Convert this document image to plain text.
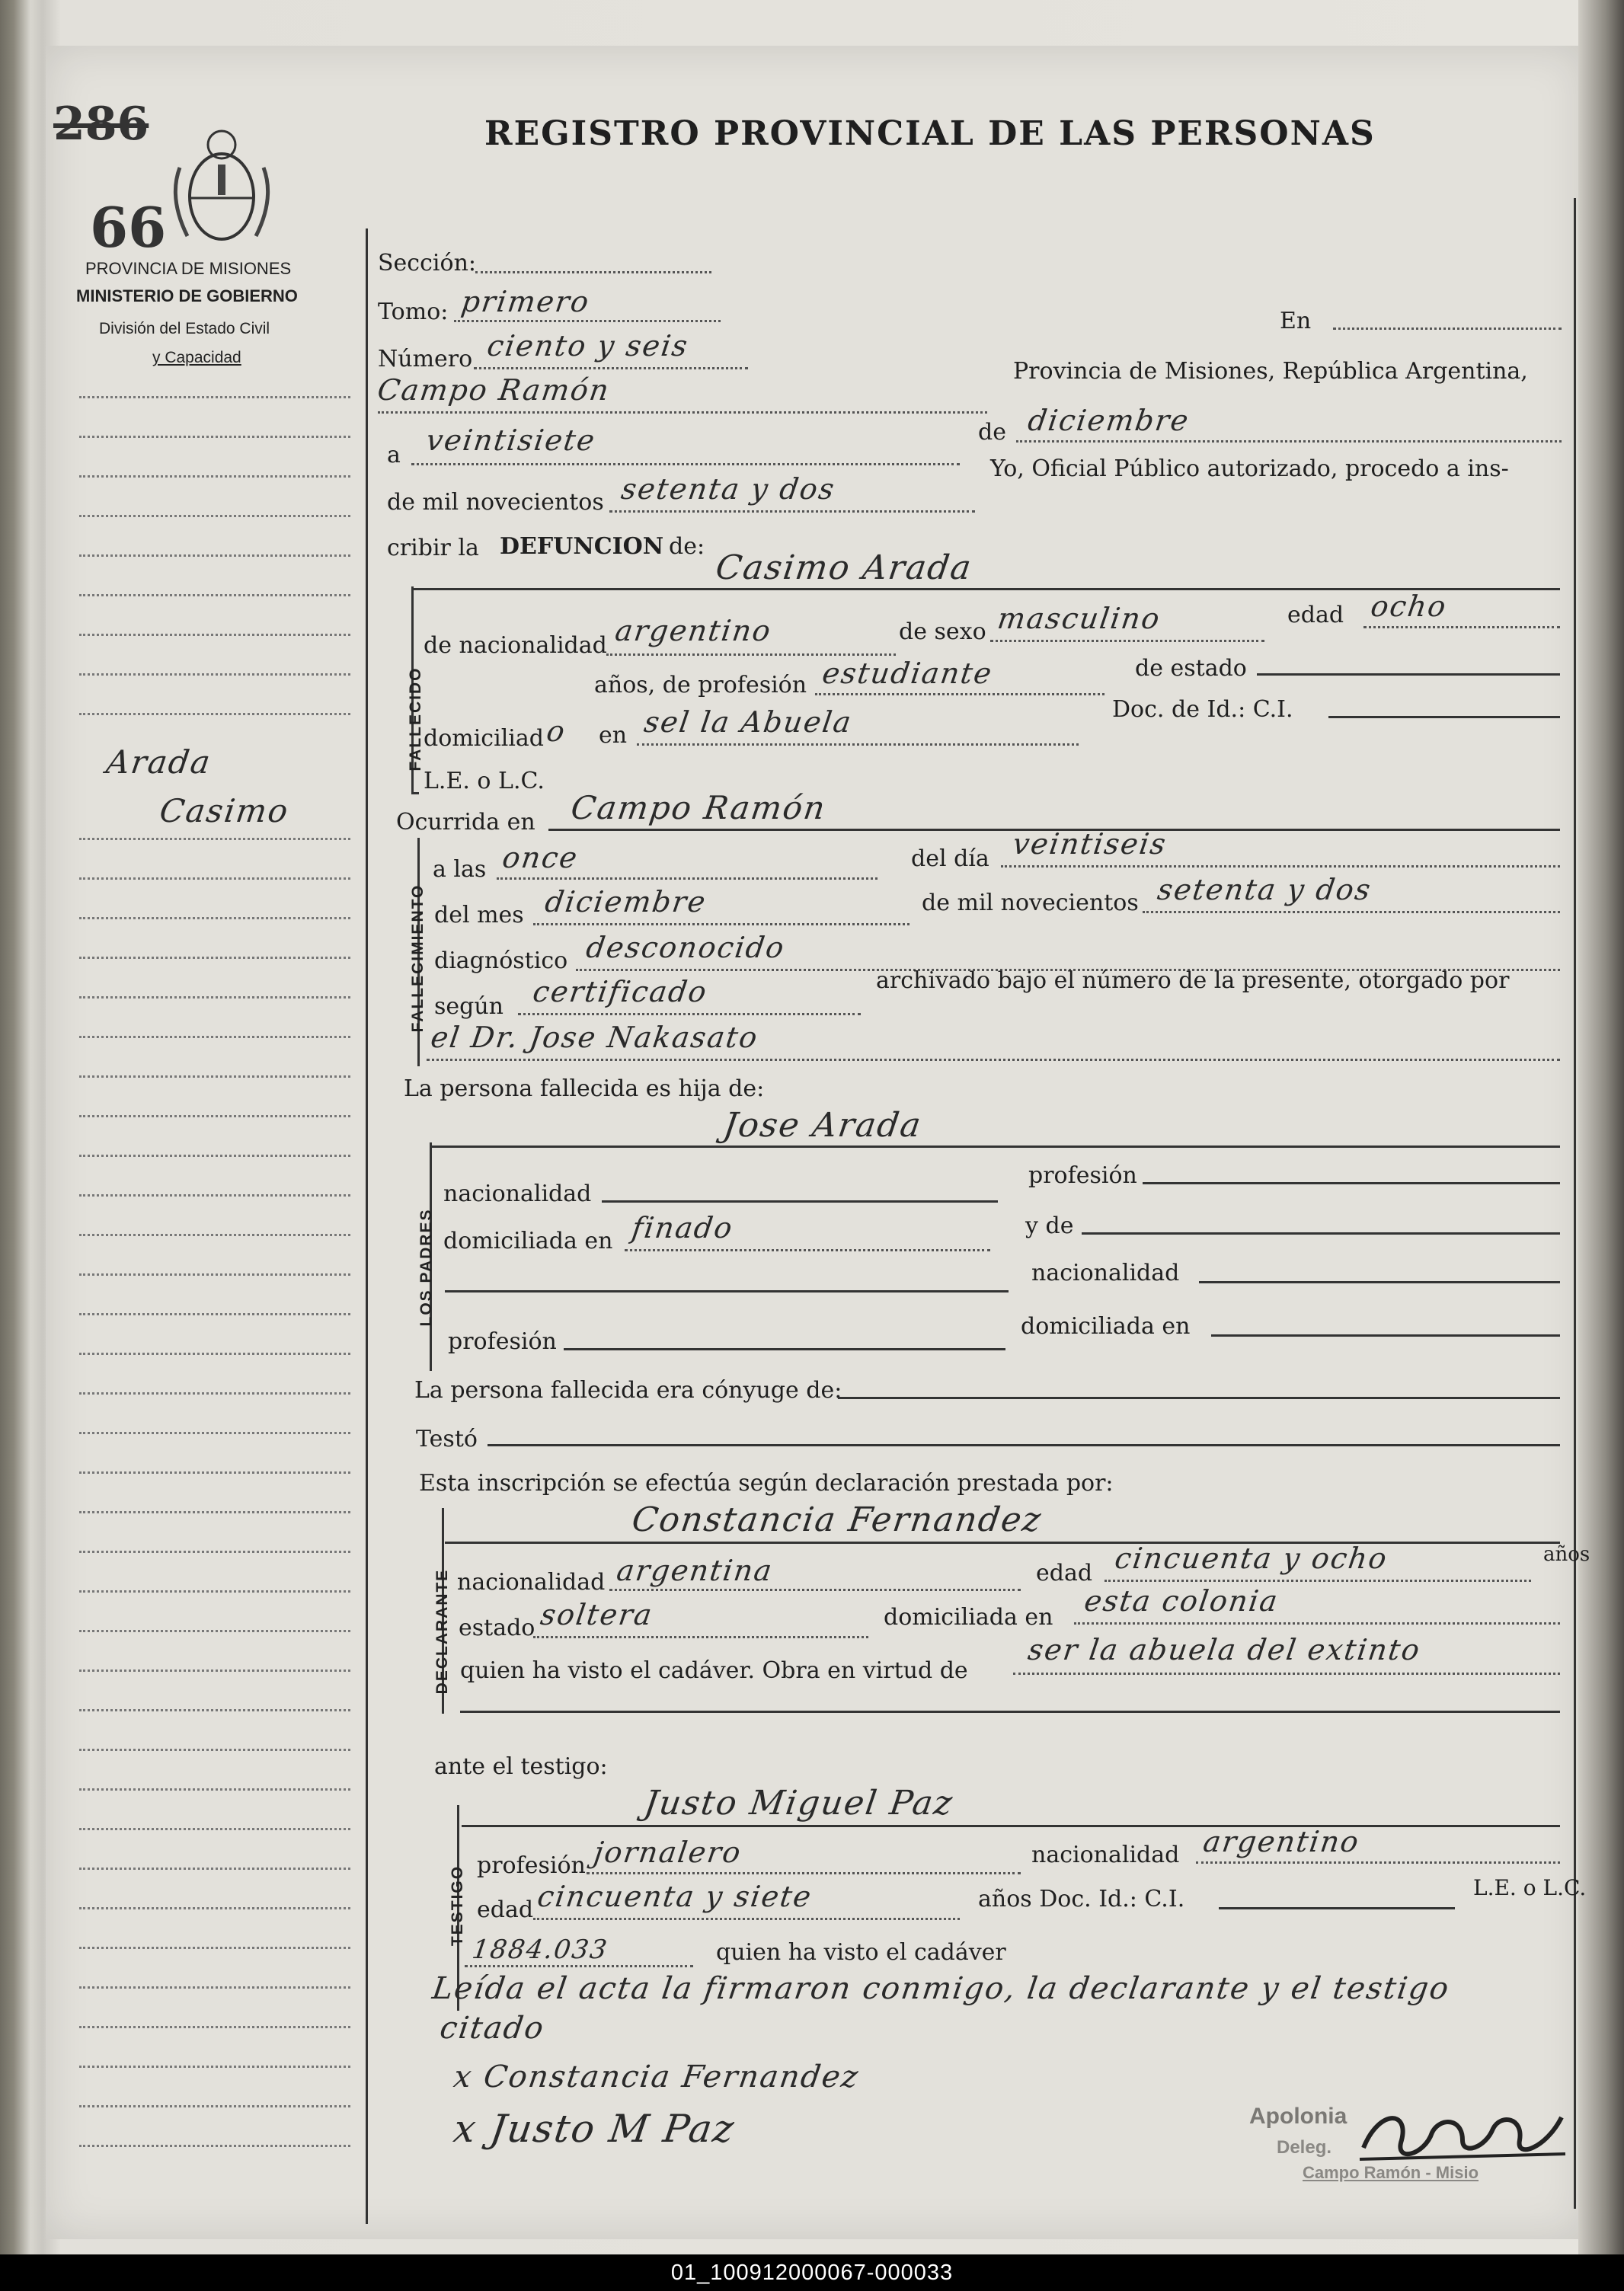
286
66
REGISTRO PROVINCIAL DE LAS PERSONAS
PROVINCIA DE MISIONES
MINISTERIO DE GOBIERNO
División del Estado Civil
y Capacidad
Arada
Casimo
Sección:
Tomo: primero
En
Número ciento y seis
Campo Ramón
Provincia de Misiones, República Argentina,
a veintisiete	de diciembre
de mil novecientos setenta y dos
Yo, Oficial Público autorizado, procedo a ins-
cribir la DEFUNCION de:
FALLECIDO
Casimo Arada
de nacionalidad argentino	de sexo masculino	edad ocho
años, de profesión estudiante	de estado
domiciliad o en sel la Abuela	Doc. de Id.: C.I.
L.E. o L.C.
Ocurrida en Campo Ramón
FALLECIMIENTO
a las once	del día veintiseis
del mes diciembre	de mil novecientos setenta y dos
diagnóstico desconocido
según certificado	archivado bajo el número de la presente, otorgado por
el Dr. Jose Nakasato
La persona fallecida es hija de:
Jose Arada
LOS PADRES
nacionalidad
profesión
domiciliada en finado	y de
nacionalidad
profesión
domiciliada en
La persona fallecida era cónyuge de:
Testó
Esta inscripción se efectúa según declaración prestada por:
DECLARANTE
Constancia Fernandez
nacionalidad argentina	edad cincuenta y ocho	años
estado soltera	domiciliada en esta colonia
quien ha visto el cadáver. Obra en virtud de
ser la abuela del extinto
ante el testigo:
TESTIGO
Justo Miguel Paz
profesión jornalero	nacionalidad argentino
edad cincuenta y siete	años Doc. Id.: C.I.	L.E. o L.C.
1884.033	quien ha visto el cadáver
Leída el acta la firmaron conmigo, la declarante y el testigo
citado
x Constancia Fernandez
x Justo M Paz	Apolonia
Deleg.
Campo Ramón - Misio
01_100912000067-000033
